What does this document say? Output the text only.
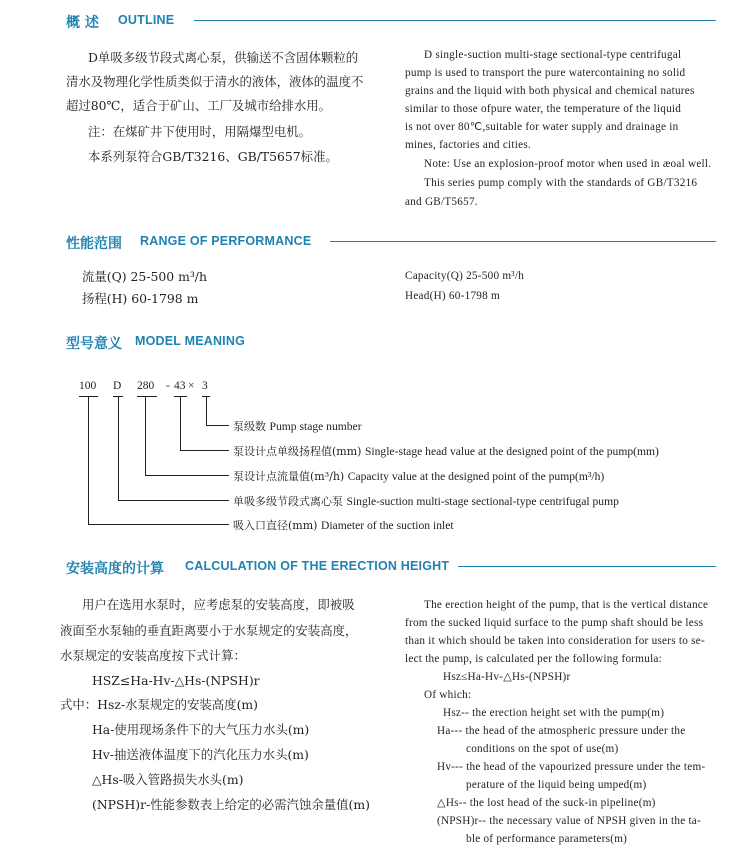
概 述 OUTLINE
D单吸多级节段式离心泵，供输送不含固体颗粒的
清水及物理化学性质类似于清水的液体，液体的温度不
超过80℃，适合于矿山、工厂及城市给排水用。
注：在煤矿井下使用时，用隔爆型电机。
本系列泵符合GB/T3216、GB/T5657标准。
D single-suction multi-stage sectional-type centrifugal
pump is used to transport the pure watercontaining no solid
grains and the liquid with both physical and chemical natures
similar to those ofpure water, the temperature of the liquid
is not over 80℃,suitable for water supply and drainage in
mines, factories and cities.
Note: Use an explosion-proof motor when used in æoal well.
This series pump comply with the standards of GB/T3216
and GB/T5657.
性能范围 RANGE OF PERFORMANCE
流量(Q) 25-500 m³/h
扬程(H) 60-1798 m
Capacity(Q) 25-500 m³/h
Head(H) 60-1798 m
型号意义 MODEL MEANING
100 D 280 - 43 × 3
泵级数 Pump stage number
泵设计点单级扬程值(mm) Single-stage head value at the designed point of the pump(mm)
泵设计点流量值(m³/h) Capacity value at the designed point of the pump(m³/h)
单吸多级节段式离心泵 Single-suction multi-stage sectional-type centrifugal pump
吸入口直径(mm) Diameter of the suction inlet
安装高度的计算 CALCULATION OF THE ERECTION HEIGHT
用户在选用水泵时，应考虑泵的安装高度，即被吸
液面至水泵轴的垂直距离要小于水泵规定的安装高度，
水泵规定的安装高度按下式计算：
HSZ≤Ha-Hv-△Hs-(NPSH)r
式中：Hsz-水泵规定的安装高度(m)
Ha-使用现场条件下的大气压力水头(m)
Hv-抽送液体温度下的汽化压力水头(m)
△Hs-吸入管路损失水头(m)
(NPSH)r-性能参数表上给定的必需汽蚀余量值(m)
The erection height of the pump, that is the vertical distance
from the sucked liquid surface to the pump shaft should be less
than it which should be taken into consideration for users to se-
lect the pump, is calculated per the following formula:
Hsz≤Ha-Hv-△Hs-(NPSH)r
Of which:
Hsz-- the erection height set with the pump(m)
Ha--- the head of the atmospheric pressure under the
conditions on the spot of use(m)
Hv--- the head of the vapourized pressure under the tem-
perature of the liquid being umped(m)
△Hs-- the lost head of the suck-in pipeline(m)
(NPSH)r-- the necessary value of NPSH given in the ta-
ble of performance parameters(m)
